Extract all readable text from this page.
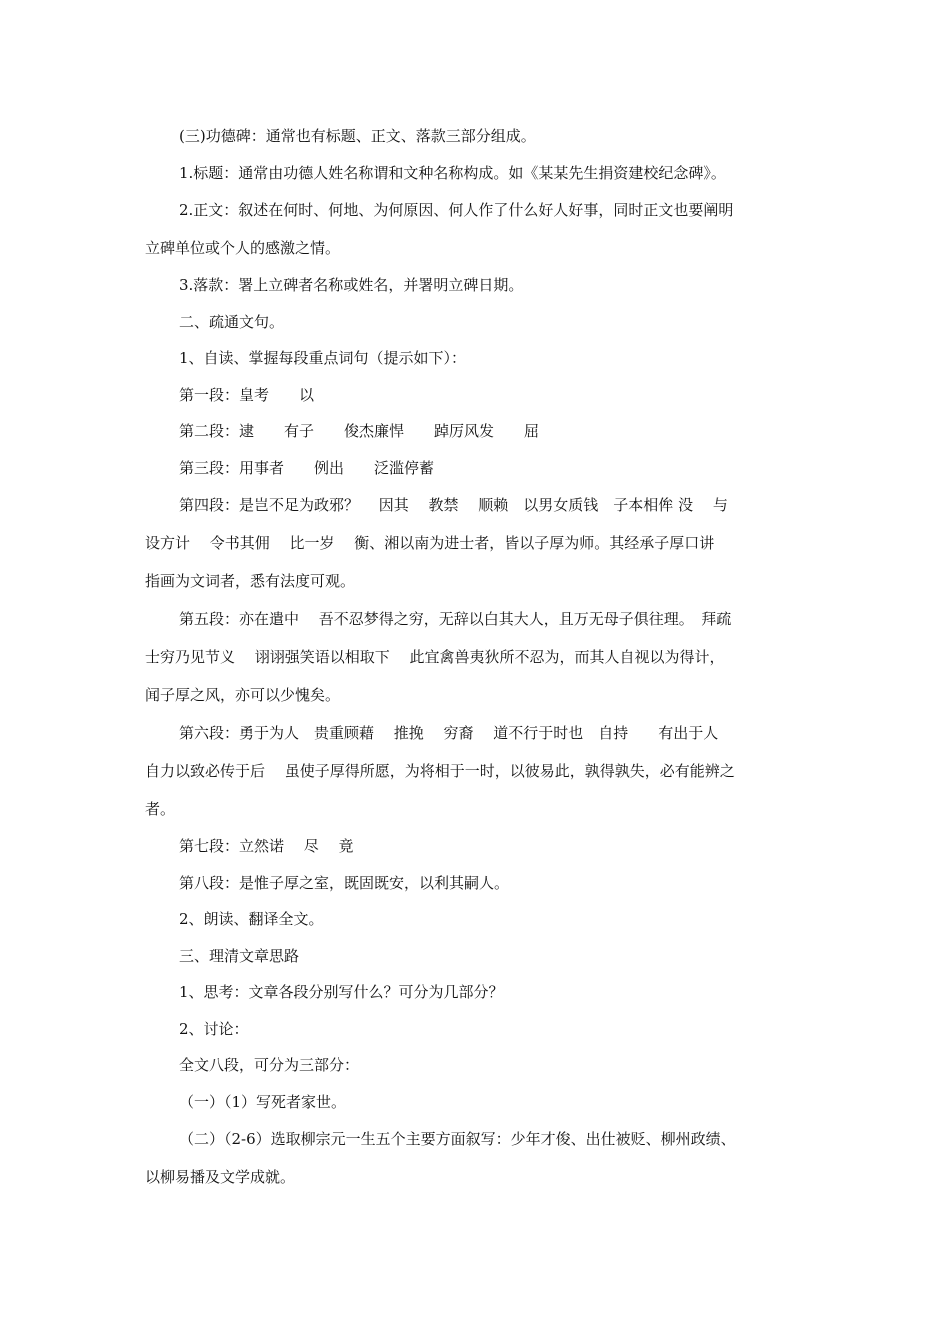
(三)功德碑：通常也有标题、正文、落款三部分组成。

1.标题：通常由功德人姓名称谓和文种名称构成。如《某某先生捐资建校纪念碑》。

2.正文：叙述在何时、何地、为何原因、何人作了什么好人好事，同时正文也要阐明

立碑单位或个人的感激之情。

3.落款：署上立碑者名称或姓名，并署明立碑日期。

二、疏通文句。

1、自读、掌握每段重点词句（提示如下）：

第一段：皇考　　以

第二段：逮　　有子　　俊杰廉悍　　踔厉风发　　屈

第三段：用事者　　例出　　泛滥停蓄

第四段：是岂不足为政邪？　 因其　 教禁　 顺赖　以男女质钱　子本相侔 没　 与

设方计　 令书其佣　 比一岁　 衡、湘以南为进士者，皆以子厚为师。其经承子厚口讲

指画为文词者，悉有法度可观。

第五段：亦在遣中　 吾不忍梦得之穷，无辞以白其大人，且万无母子俱往理。　拜疏

士穷乃见节义　 诩诩强笑语以相取下　 此宜禽兽夷狄所不忍为，而其人自视以为得计，

闻子厚之风，亦可以少愧矣。

第六段：勇于为人　贵重顾藉　 推挽　 穷裔　 道不行于时也　自持　　有出于人

自力以致必传于后　 虽使子厚得所愿，为将相于一时，以彼易此，孰得孰失，必有能辨之

者。

第七段：立然诺　 尽　 竟

第八段：是惟子厚之室，既固既安，以利其嗣人。

2、朗读、翻译全文。

三、理清文章思路

1、思考：文章各段分别写什么？可分为几部分？

2、讨论：

全文八段，可分为三部分：

（一）（1）写死者家世。

（二）（2-6）选取柳宗元一生五个主要方面叙写：少年才俊、出仕被贬、柳州政绩、

以柳易播及文学成就。
